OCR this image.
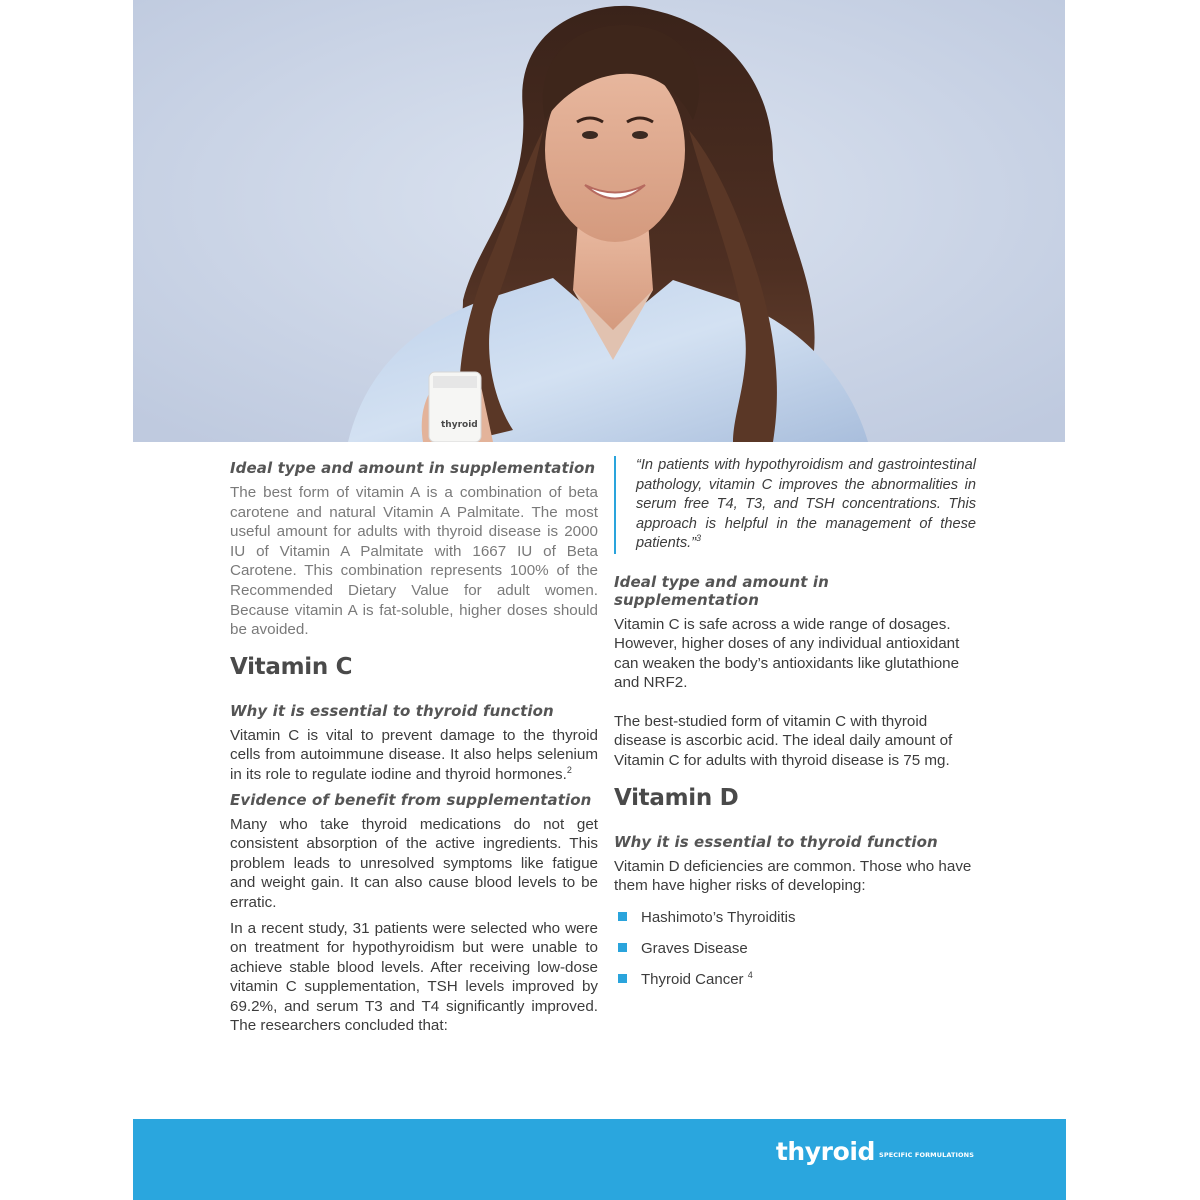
thyroid

Ideal type and amount in supplementation

The best form of vitamin A is a combination of beta carotene and natural Vitamin A Palmitate. The most useful amount for adults with thyroid disease is 2000 IU of Vitamin A Palmitate with 1667 IU of Beta Carotene. This combination represents 100% of the Recommended Dietary Value for adult women. Because vitamin A is fat-soluble, higher doses should be avoided.

Vitamin C

Why it is essential to thyroid function

Vitamin C is vital to prevent damage to the thyroid cells from autoimmune disease. It also helps selenium in its role to regulate iodine and thyroid hormones.$^2$

Evidence of benefit from supplementation

Many who take thyroid medications do not get consistent absorption of the active ingredients. This problem leads to unresolved symptoms like fatigue and weight gain. It can also cause blood levels to be erratic.

In a recent study, 31 patients were selected who were on treatment for hypothyroidism but were unable to achieve stable blood levels. After receiving low-dose vitamin C supplementation, TSH levels improved by 69.2%, and serum T3 and T4 significantly improved. The researchers concluded that:

“In patients with hypothyroidism and gastrointestinal pathology, vitamin C improves the abnormalities in serum free T4, T3, and TSH concentrations. This approach is helpful in the management of these patients.”$^3$

Ideal type and amount in supplementation

Vitamin C is safe across a wide range of dosages. However, higher doses of any individual antioxidant can weaken the body’s antioxidants like glutathione and NRF2.

The best-studied form of vitamin C with thyroid disease is ascorbic acid. The ideal daily amount of Vitamin C for adults with thyroid disease is 75 mg.

Vitamin D

Why it is essential to thyroid function

Vitamin D deficiencies are common. Those who have them have higher risks of developing:

Hashimoto’s Thyroiditis
Graves Disease
Thyroid Cancer $^4$
thyroid SPECIFIC FORMULATIONS
